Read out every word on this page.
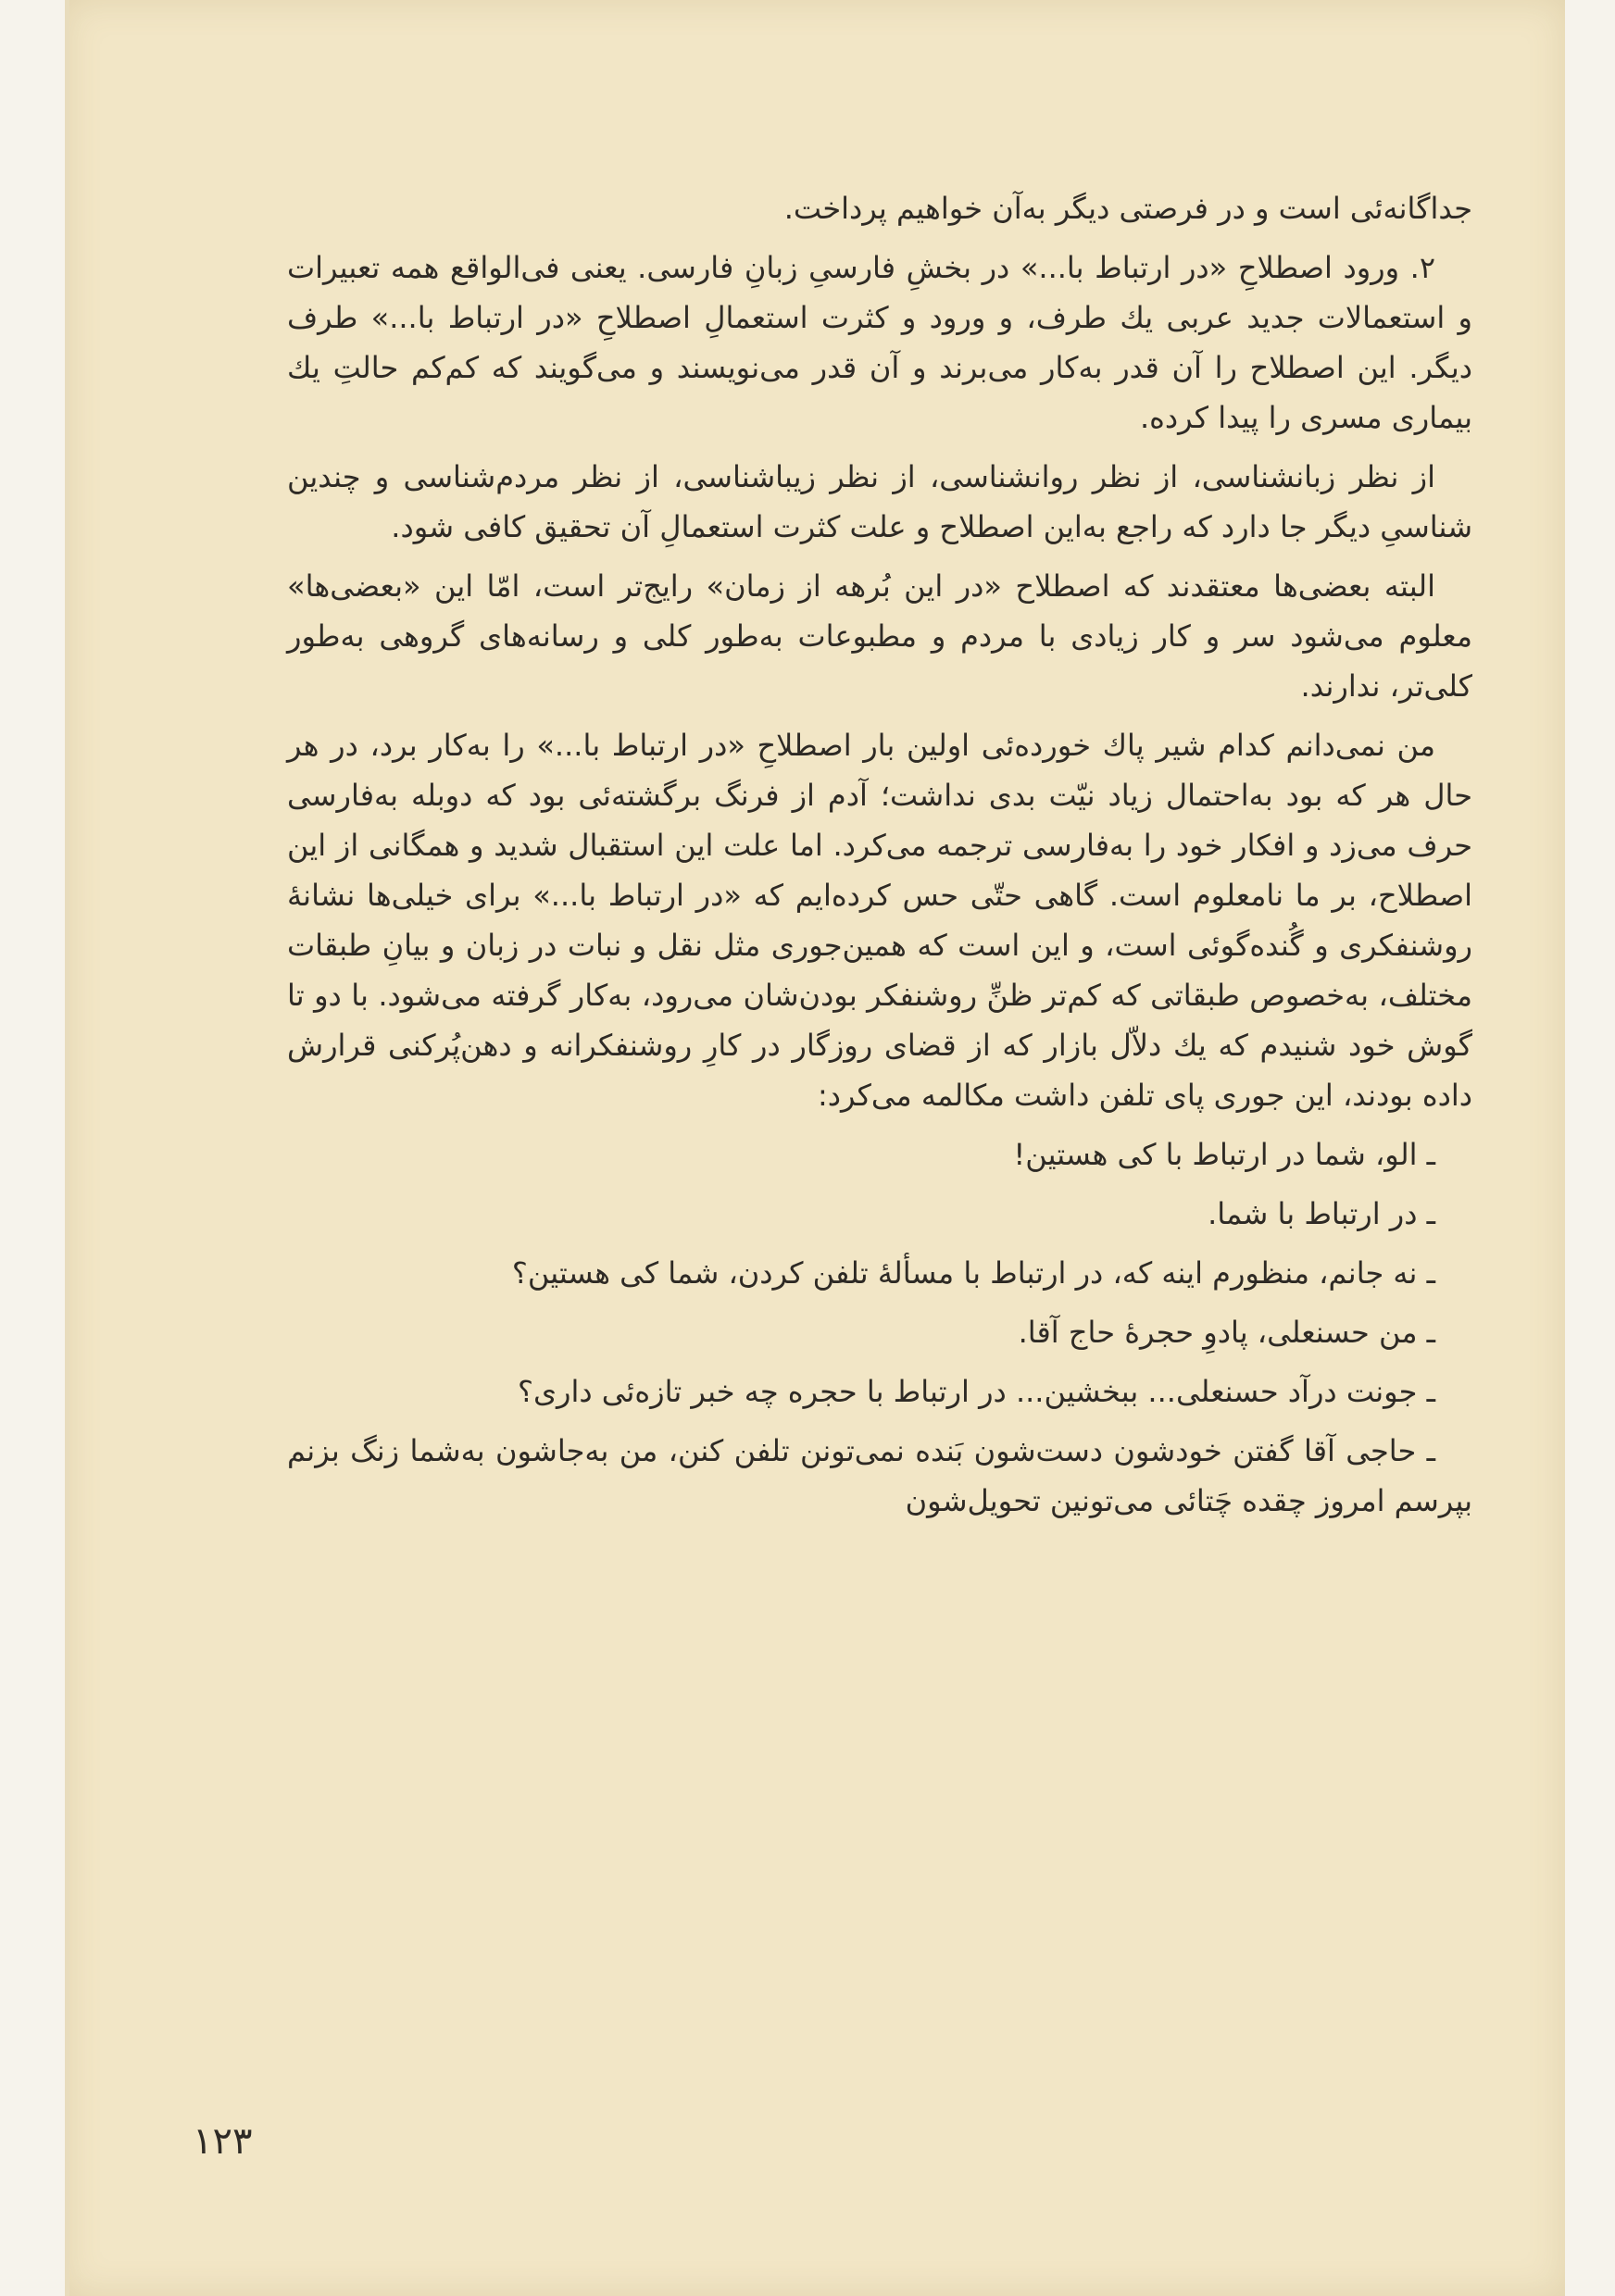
جداگانه‌ئی است و در فرصتی دیگر به‌آن خواهیم پرداخت.

۲. ورود اصطلاحِ «در ارتباط با...» در بخشِ فارسیِ زبانِ فارسی. یعنی فی‌الواقع همه تعبیرات و استعمالات جدید عربی یك طرف، و ورود و کثرت استعمالِ اصطلاحِ «در ارتباط با...» طرف دیگر. این اصطلاح را آن قدر به‌کار می‌برند و آن قدر می‌نویسند و می‌گویند که کم‌کم حالتِ یك بیماری مسری را پیدا کرده.

از نظر زبانشناسی، از نظر روانشناسی، از نظر زیباشناسی، از نظر مردم‌شناسی و چندین شناسیِ دیگر جا دارد که راجع به‌این اصطلاح و علت کثرت استعمالِ آن تحقیق کافی شود.

البته بعضی‌ها معتقدند که اصطلاح «در این بُرهه از زمان» رایج‌تر است، امّا این «بعضی‌ها» معلوم می‌شود سر و کار زیادی با مردم و مطبوعات به‌طور کلی و رسانه‌های گروهی به‌طور کلی‌تر، ندارند.

من نمی‌دانم کدام شیر پاك خورده‌ئی اولین بار اصطلاحِ «در ارتباط با...» را به‌کار برد، در هر حال هر که بود به‌احتمال زیاد نیّت بدی نداشت؛ آدم از فرنگ برگشته‌ئی بود که دوبله به‌فارسی حرف می‌زد و افکار خود را به‌فارسی ترجمه می‌کرد. اما علت این استقبال شدید و همگانی از این اصطلاح، بر ما نامعلوم است. گاهی حتّی حس کرده‌ایم که «در ارتباط با...» برای خیلی‌ها نشانهٔ روشنفکری و گُنده‌گوئی است، و این است که همین‌جوری مثل نقل و نبات در زبان و بیانِ طبقات مختلف، به‌خصوص طبقاتی که کم‌تر ظنِّ روشنفکر بودن‌شان می‌رود، به‌کار گرفته می‌شود. با دو تا گوش خود شنیدم که یك دلاّل بازار که از قضای روزگار در کارِ روشنفکرانه و دهن‌پُرکنی قرارش داده بودند، این جوری پای تلفن داشت مکالمه می‌کرد:

ـ الو، شما در ارتباط با کی هستین!

ـ در ارتباط با شما.

ـ نه جانم، منظورم اینه که، در ارتباط با مسألهٔ تلفن کردن، شما کی هستین؟

ـ من حسنعلی، پادوِ حجرهٔ حاج آقا.

ـ جونت درآد حسنعلی... ببخشین... در ارتباط با حجره چه خبر تازه‌ئی داری؟

ـ حاجی آقا گفتن خودشون دست‌شون بَنده نمی‌تونن تلفن کنن، من به‌جاشون به‌شما زنگ بزنم بپرسم امروز چقده چَتائی می‌تونین تحویل‌شون

۱۲۳
